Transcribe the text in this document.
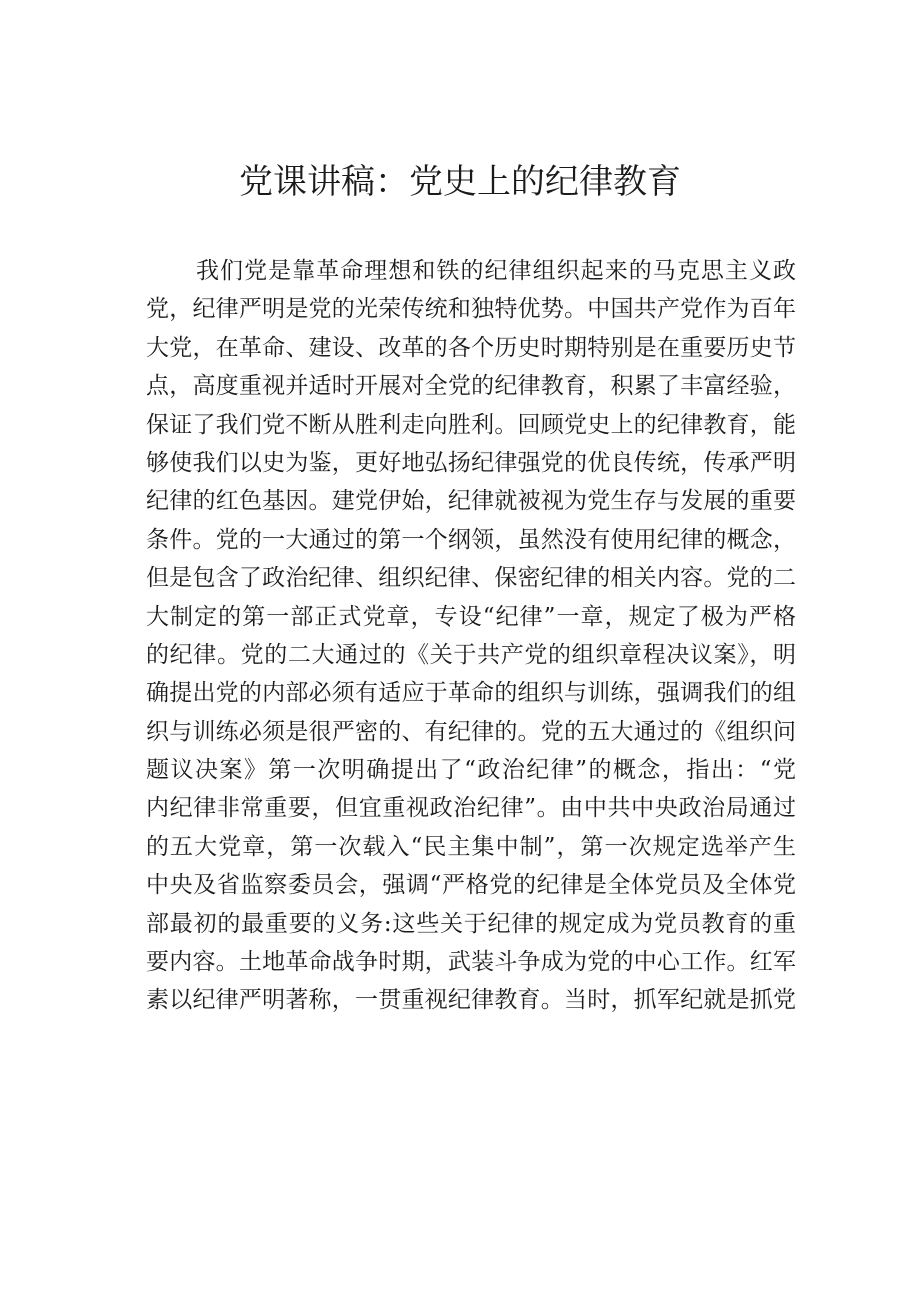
党课讲稿：党史上的纪律教育
我们党是靠革命理想和铁的纪律组织起来的马克思主义政
党，纪律严明是党的光荣传统和独特优势。中国共产党作为百年
大党，在革命、建设、改革的各个历史时期特别是在重要历史节
点，高度重视并适时开展对全党的纪律教育，积累了丰富经验，
保证了我们党不断从胜利走向胜利。回顾党史上的纪律教育，能
够使我们以史为鉴，更好地弘扬纪律强党的优良传统，传承严明
纪律的红色基因。建党伊始，纪律就被视为党生存与发展的重要
条件。党的一大通过的第一个纲领，虽然没有使用纪律的概念，
但是包含了政治纪律、组织纪律、保密纪律的相关内容。党的二
大制定的第一部正式党章，专设“纪律”一章，规定了极为严格
的纪律。党的二大通过的《关于共产党的组织章程决议案》，明
确提出党的内部必须有适应于革命的组织与训练，强调我们的组
织与训练必须是很严密的、有纪律的。党的五大通过的《组织问
题议决案》第一次明确提出了“政治纪律”的概念，指出：“党
内纪律非常重要，但宜重视政治纪律”。由中共中央政治局通过
的五大党章，第一次载入“民主集中制”，第一次规定选举产生
中央及省监察委员会，强调“严格党的纪律是全体党员及全体党
部最初的最重要的义务:这些关于纪律的规定成为党员教育的重
要内容。土地革命战争时期，武装斗争成为党的中心工作。红军
素以纪律严明著称，一贯重视纪律教育。当时，抓军纪就是抓党
